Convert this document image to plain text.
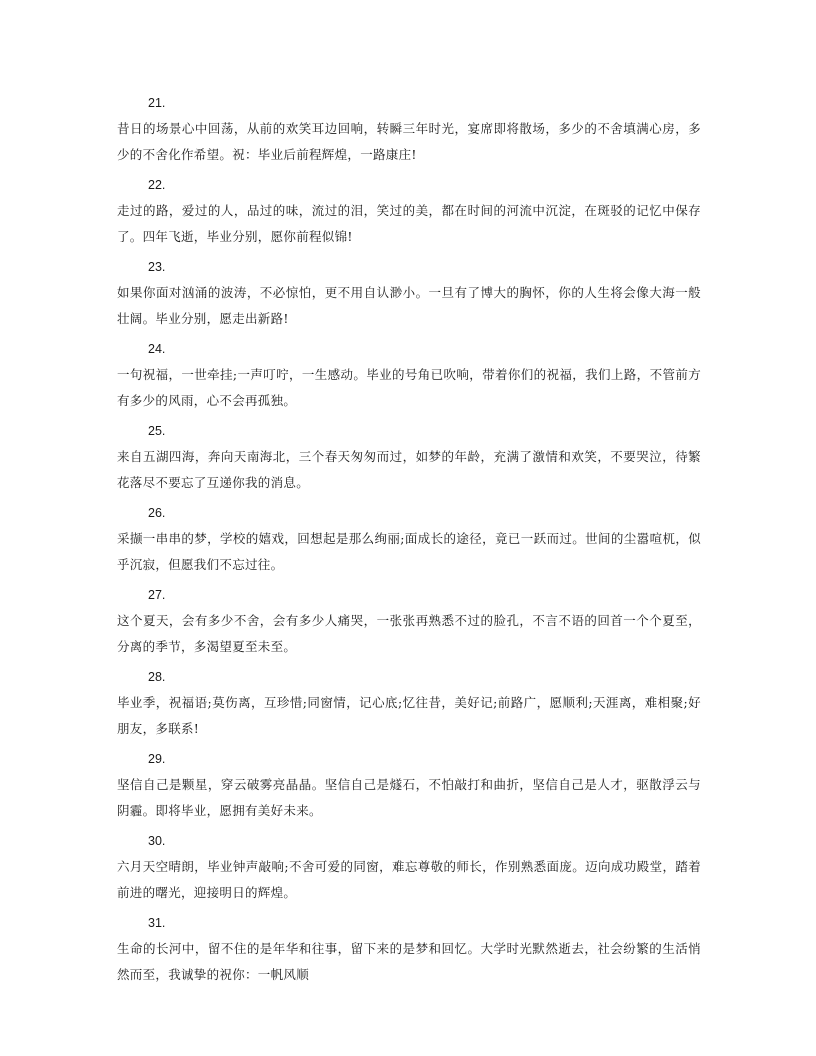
21.
昔日的场景心中回荡，从前的欢笑耳边回响，转瞬三年时光，宴席即将散场，多少的不舍填满心房，多少的不舍化作希望。祝：毕业后前程辉煌，一路康庄!
22.
走过的路，爱过的人，品过的味，流过的泪，笑过的美，都在时间的河流中沉淀，在斑驳的记忆中保存了。四年飞逝，毕业分别，愿你前程似锦!
23.
如果你面对汹涌的波涛，不必惊怕，更不用自认渺小。一旦有了博大的胸怀，你的人生将会像大海一般壮阔。毕业分别，愿走出新路!
24.
一句祝福，一世牵挂;一声叮咛，一生感动。毕业的号角已吹响，带着你们的祝福，我们上路，不管前方有多少的风雨，心不会再孤独。
25.
来自五湖四海，奔向天南海北，三个春天匆匆而过，如梦的年龄，充满了激情和欢笑，不要哭泣，待繁花落尽不要忘了互递你我的消息。
26.
采撷一串串的梦，学校的嬉戏，回想起是那么绚丽;面成长的途径，竟已一跃而过。世间的尘嚣喧杌，似乎沉寂，但愿我们不忘过往。
27.
这个夏天，会有多少不舍，会有多少人痛哭，一张张再熟悉不过的脸孔，不言不语的回首一个个夏至，分离的季节，多渴望夏至未至。
28.
毕业季，祝福语;莫伤离，互珍惜;同窗情，记心底;忆往昔，美好记;前路广，愿顺利;天涯离，难相聚;好朋友，多联系!
29.
坚信自己是颗星，穿云破雾亮晶晶。坚信自己是燧石，不怕敲打和曲折，坚信自己是人才，驱散浮云与阴霾。即将毕业，愿拥有美好未来。
30.
六月天空晴朗，毕业钟声敲响;不舍可爱的同窗，难忘尊敬的师长，作别熟悉面庞。迈向成功殿堂，踏着前进的曙光，迎接明日的辉煌。
31.
生命的长河中，留不住的是年华和往事，留下来的是梦和回忆。大学时光默然逝去，社会纷繁的生活悄然而至，我诚挚的祝你：一帆风顺
